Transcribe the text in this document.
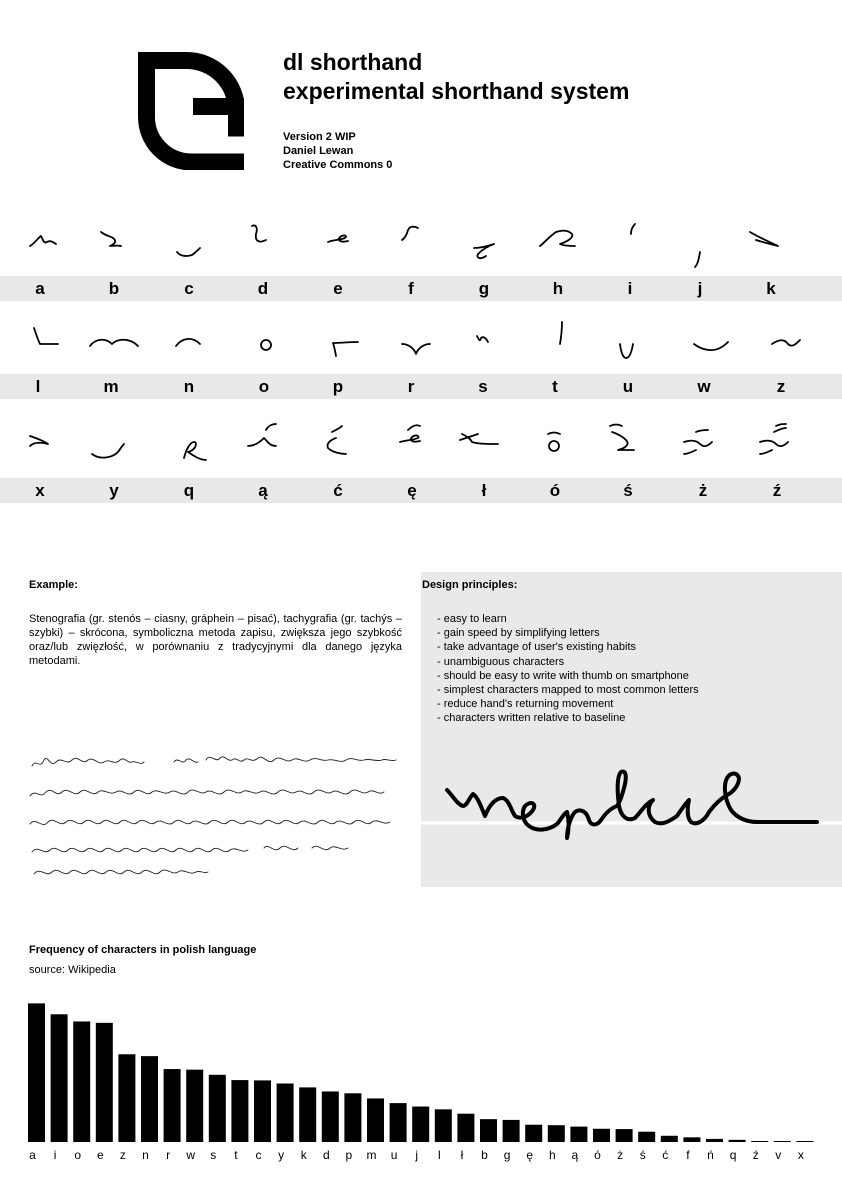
dl shorthand
experimental shorthand system
Version 2 WIP
Daniel Lewan
Creative Commons 0
a	b	c	d	e	f	g	h	i	j	k
l	m	n	o	p	r	s	t	u	w	z
x	y	q	ą	ć	ę	ł	ó	ś	ż	ź
Example:
Stenografia (gr. stenós – ciasny, gráphein – pisać), tachygrafia (gr. tachýs – szybki) – skrócona, symboliczna metoda zapisu, zwiększa jego szybkość oraz/lub zwięzłość, w porównaniu z tradycyjnymi dla danego języka metodami.
Design principles:
- easy to learn
- gain speed by simplifying letters
- take advantage of user's existing habits
- unambiguous characters
- should be easy to write with thumb on smartphone
- simplest characters mapped to most common letters
- reduce hand's returning movement
- characters written relative to baseline
Frequency of characters in polish language
source: Wikipedia
a i o e z n r w s t c y k d p m u j l ł b g ę h ą ó ż ś ć f ń q ź v x
